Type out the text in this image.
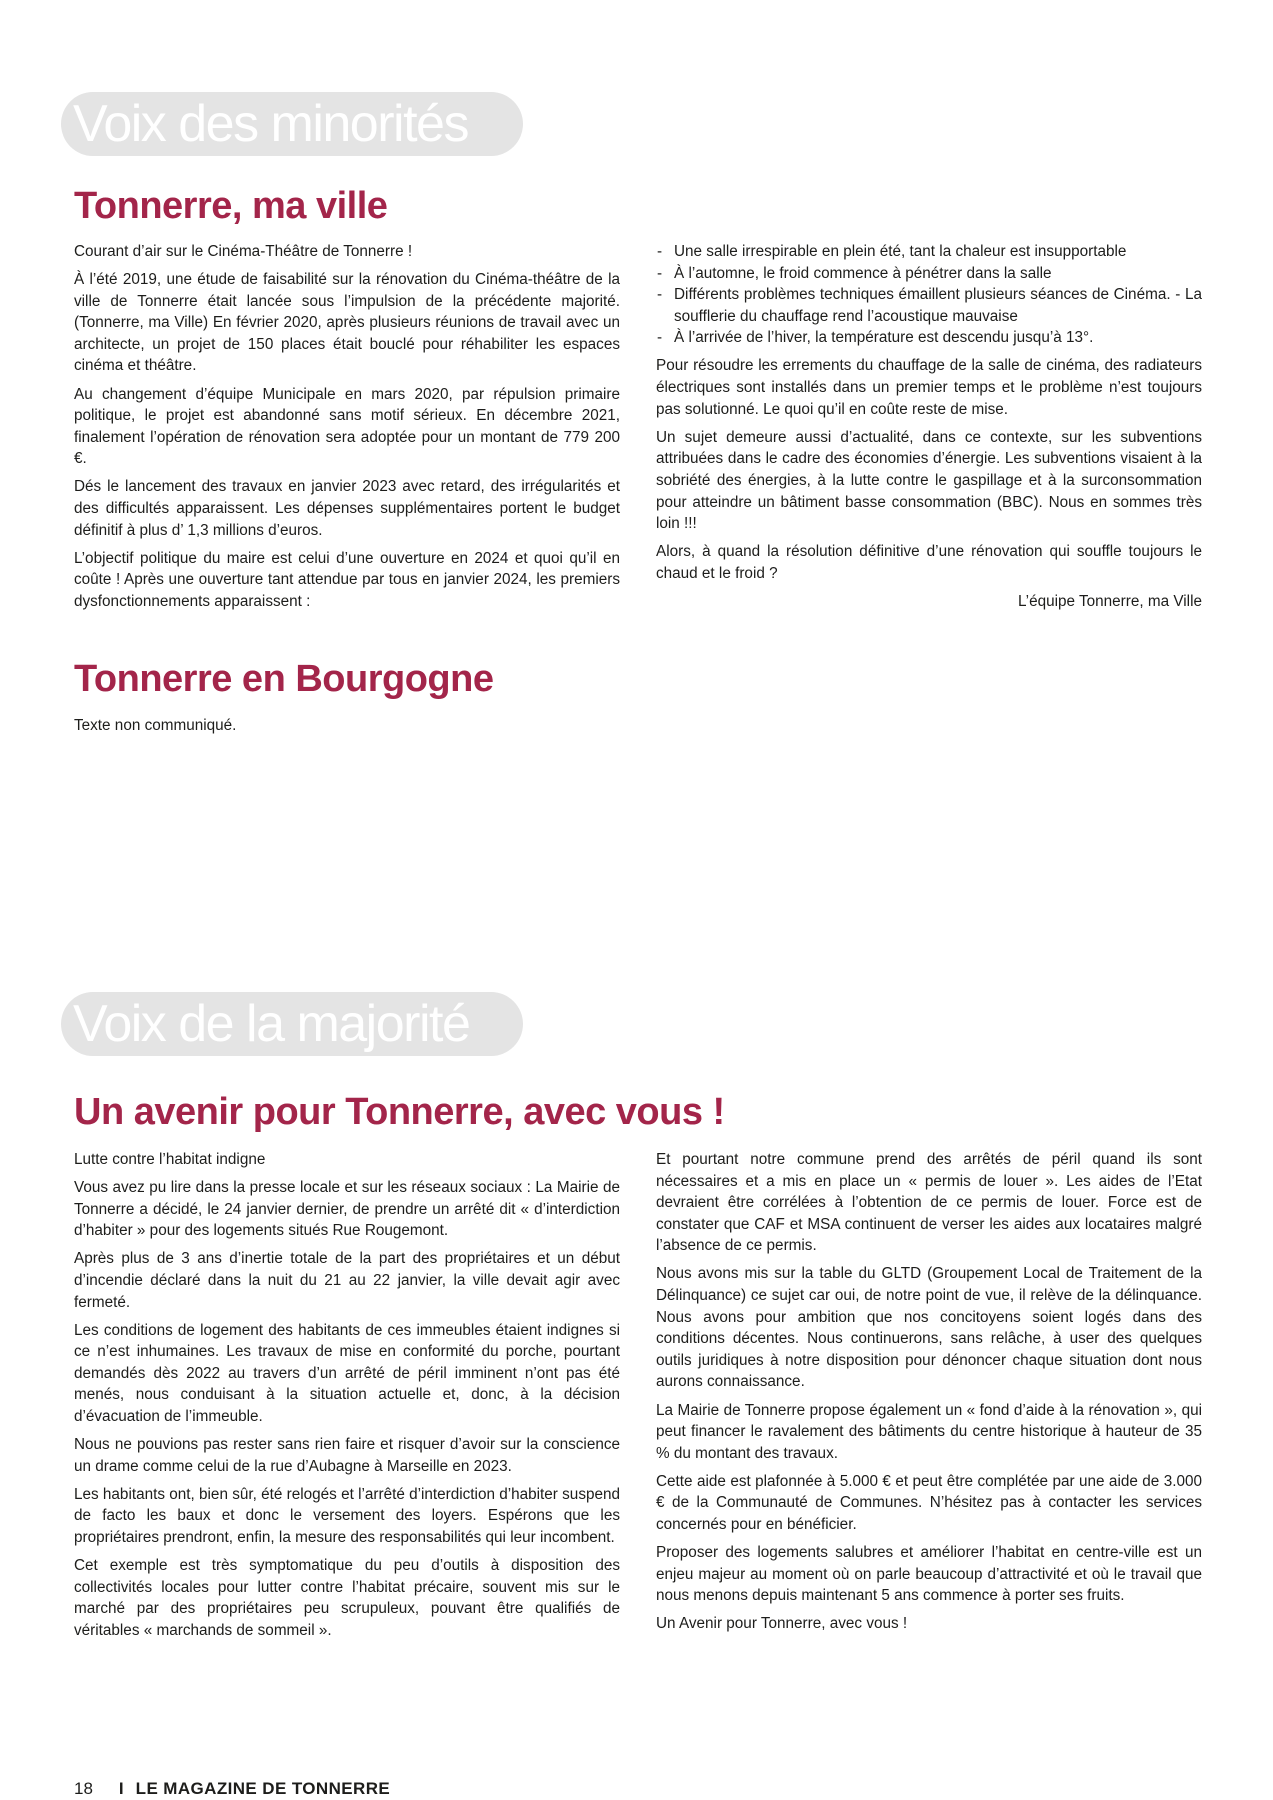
Voix des minorités
Tonnerre, ma ville

Courant d’air sur le Cinéma-Théâtre de Tonnerre !

À l’été 2019, une étude de faisabilité sur la rénovation du Cinéma-théâtre de la ville de Tonnerre était lancée sous l’impulsion de la précédente majorité.(Tonnerre, ma Ville) En février 2020, après plusieurs réunions de travail avec un architecte, un projet de 150 places était bouclé pour réhabiliter les espaces cinéma et théâtre.

Au changement d’équipe Municipale en mars 2020, par répulsion primaire politique, le projet est abandonné sans motif sérieux. En décembre 2021, finalement l’opération de rénovation sera adoptée pour un montant de 779 200 €.

Dés le lancement des travaux en janvier 2023 avec retard, des irrégularités et des difficultés apparaissent. Les dépenses supplémentaires portent le budget définitif à plus d’ 1,3 millions d’euros.

L’objectif politique du maire est celui d’une ouverture en 2024 et quoi qu’il en coûte ! Après une ouverture tant attendue par tous en janvier 2024, les premiers dysfonctionnements apparaissent :

- Une salle irrespirable en plein été, tant la chaleur est insupportable
- À l’automne, le froid commence à pénétrer dans la salle
- Différents problèmes techniques émaillent plusieurs séances de Cinéma. - La soufflerie du chauffage rend l’acoustique mauvaise
- À l’arrivée de l’hiver, la température est descendu jusqu’à 13°.

Pour résoudre les errements du chauffage de la salle de cinéma, des radiateurs électriques sont installés dans un premier temps et le problème n’est toujours pas solutionné. Le quoi qu’il en coûte reste de mise.

Un sujet demeure aussi d’actualité, dans ce contexte, sur les subventions attribuées dans le cadre des économies d’énergie. Les subventions visaient à la sobriété des énergies, à la lutte contre le gaspillage et à la surconsommation pour atteindre un bâtiment basse consommation (BBC). Nous en sommes très loin !!!

Alors, à quand la résolution définitive d’une rénovation qui souffle toujours le chaud et le froid ?

L’équipe Tonnerre, ma Ville

Tonnerre en Bourgogne

Texte non communiqué.

Voix de la majorité
Un avenir pour Tonnerre, avec vous !

Lutte contre l’habitat indigne

Vous avez pu lire dans la presse locale et sur les réseaux sociaux : La Mairie de Tonnerre a décidé, le 24 janvier dernier, de prendre un arrêté dit « d’interdiction d’habiter » pour des logements situés Rue Rougemont.

Après plus de 3 ans d’inertie totale de la part des propriétaires et un début d’incendie déclaré dans la nuit du 21 au 22 janvier, la ville devait agir avec fermeté.

Les conditions de logement des habitants de ces immeubles étaient indignes si ce n’est inhumaines. Les travaux de mise en conformité du porche, pourtant demandés dès 2022 au travers d’un arrêté de péril imminent n’ont pas été menés, nous conduisant à la situation actuelle et, donc, à la décision d’évacuation de l’immeuble.

Nous ne pouvions pas rester sans rien faire et risquer d’avoir sur la conscience un drame comme celui de la rue d’Aubagne à Marseille en 2023.

Les habitants ont, bien sûr, été relogés et l’arrêté d’interdiction d’habiter suspend de facto les baux et donc le versement des loyers. Espérons que les propriétaires prendront, enfin, la mesure des responsabilités qui leur incombent.

Cet exemple est très symptomatique du peu d’outils à disposition des collectivités locales pour lutter contre l’habitat précaire, souvent mis sur le marché par des propriétaires peu scrupuleux, pouvant être qualifiés de véritables « marchands de sommeil ».

Et pourtant notre commune prend des arrêtés de péril quand ils sont nécessaires et a mis en place un « permis de louer ». Les aides de l’Etat devraient être corrélées à l’obtention de ce permis de louer. Force est de constater que CAF et MSA continuent de verser les aides aux locataires malgré l’absence de ce permis.

Nous avons mis sur la table du GLTD (Groupement Local de Traitement de la Délinquance) ce sujet car oui, de notre point de vue, il relève de la délinquance. Nous avons pour ambition que nos concitoyens soient logés dans des conditions décentes. Nous continuerons, sans relâche, à user des quelques outils juridiques à notre disposition pour dénoncer chaque situation dont nous aurons connaissance.

La Mairie de Tonnerre propose également un « fond d’aide à la rénovation », qui peut financer le ravalement des bâtiments du centre historique à hauteur de 35 % du montant des travaux.

Cette aide est plafonnée à 5.000 € et peut être complétée par une aide de 3.000 € de la Communauté de Communes. N’hésitez pas à contacter les services concernés pour en bénéficier.

Proposer des logements salubres et améliorer l’habitat en centre-ville est un enjeu majeur au moment où on parle beaucoup d’attractivité et où le travail que nous menons depuis maintenant 5 ans commence à porter ses fruits.

Un Avenir pour Tonnerre, avec vous !

18 I LE MAGAZINE DE TONNERRE
